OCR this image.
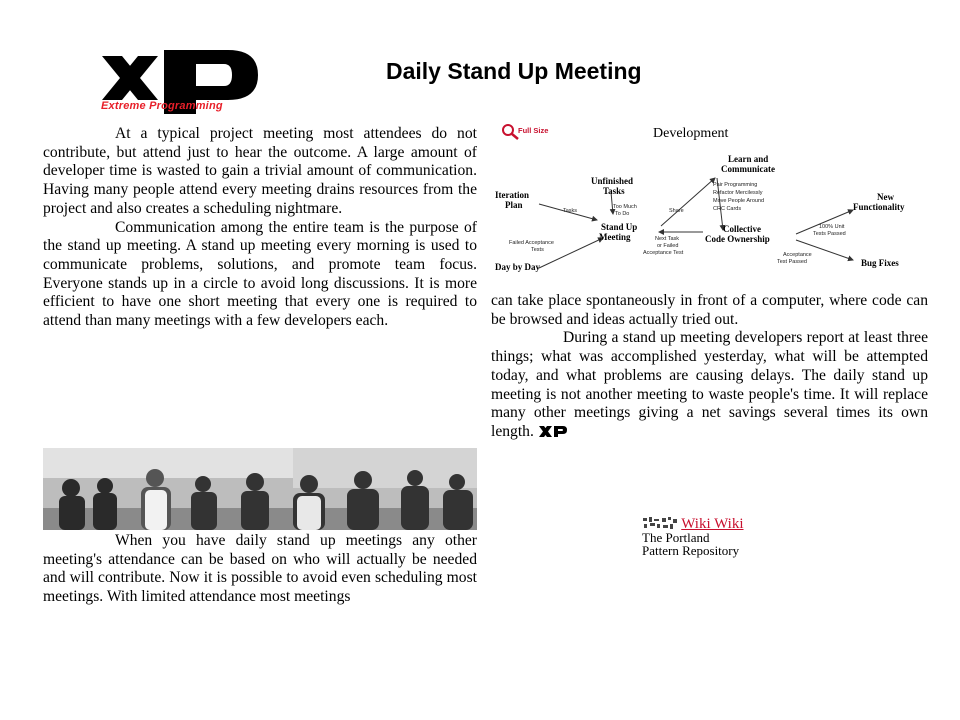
Extreme Programming
Daily Stand Up Meeting

At a typical project meeting most attendees do not contribute, but attend just to hear the outcome. A large amount of developer time is wasted to gain a trivial amount of communication. Having many people attend every meeting drains resources from the project and also creates a scheduling nightmare.

Communication among the entire team is the purpose of the stand up meeting. A stand up meeting every morning is used to communicate problems, solutions, and promote team focus. Everyone stands up in a circle to avoid long discussions. It is more efficient to have one short meeting that every one is required to attend than many meetings with a few developers each.

When you have daily stand up meetings any other meeting's attendance can be based on who will actually be needed and will contribute. Now it is possible to avoid even scheduling most meetings. With limited attendance most meetings

Full Size	Development
Iteration Plan
Unfinished Tasks
Learn and Communicate
New Functionality
Stand Up Meeting
Collective Code Ownership
Day by Day	Bug Fixes
Tasks
Too Much To Do	Share
Pair Programming Refactor Mercilessly Move People Around CRC Cards
100% Unit Tests Passed
Failed Acceptance Tests
Next Task or Failed Acceptance Test	Acceptance Test Passed

can take place spontaneously in front of a computer, where code can be browsed and ideas actually tried out.

During a stand up meeting developers report at least three things; what was accomplished yesterday, what will be attempted today, and what problems are causing delays. The daily stand up meeting is not another meeting to waste people's time. It will replace many other meetings giving a net savings several times its own length.

Wiki Wiki
The Portland
Pattern Repository
